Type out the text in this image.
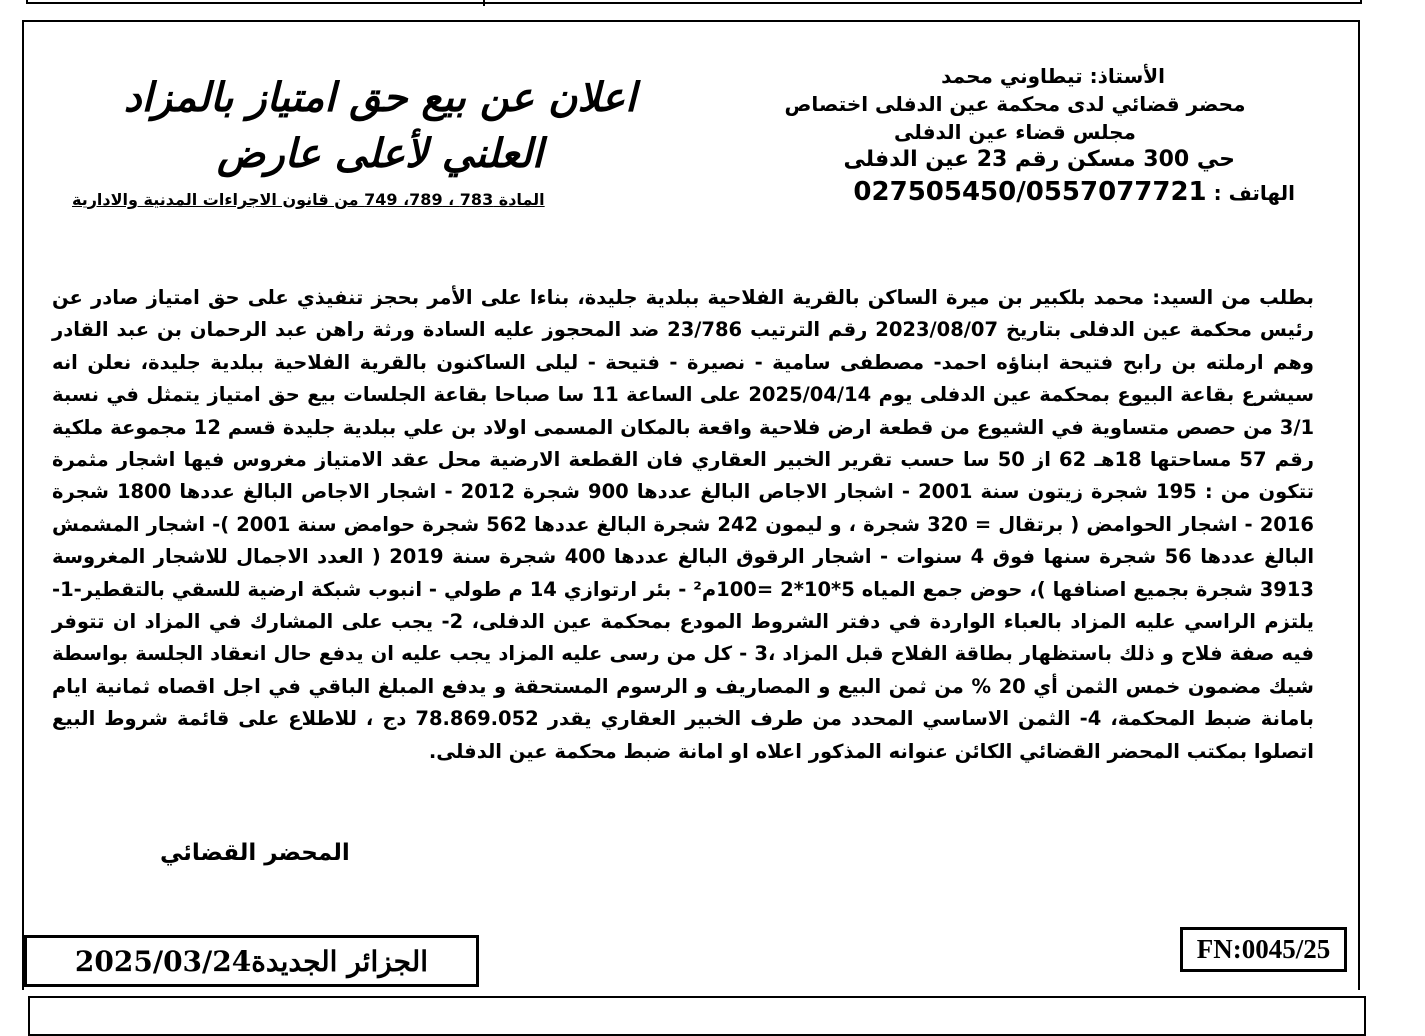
الأستاذ: تيطاوني محمد
محضر قضائي لدى محكمة عين الدفلى اختصاص
مجلس قضاء عين الدفلى
حي 300 مسكن رقم 23 عين الدفلى
الهاتف : 027505450/0557077721
اعلان عن بيع حق امتياز بالمزاد
العلني لأعلى عارض
المادة 783 ، 789، 749 من قانون الاجراءات المدنية والادارية
بطلب من السيد: محمد بلكبير بن ميرة الساكن بالقرية الفلاحية ببلدية جليدة، بناءا على الأمر بحجز تنفيذي على حق امتياز صادر عن رئيس محكمة عين الدفلى بتاريخ 2023/08/07 رقم الترتيب 23/786 ضد المحجوز عليه السادة ورثة راهن عبد الرحمان بن عبد القادر وهم ارملته بن رابح فتيحة ابناؤه احمد- مصطفى سامية - نصيرة - فتيحة - ليلى الساكنون بالقرية الفلاحية ببلدية جليدة، نعلن انه سيشرع بقاعة البيوع بمحكمة عين الدفلى يوم 2025/04/14 على الساعة 11 سا صباحا بقاعة الجلسات بيع حق امتياز يتمثل في نسبة 3/1 من حصص متساوية في الشيوع من قطعة ارض فلاحية واقعة بالمكان المسمى اولاد بن علي ببلدية جليدة قسم 12 مجموعة ملكية رقم 57 مساحتها 18هـ 62 از 50 سا حسب تقرير الخبير العقاري فان القطعة الارضية محل عقد الامتياز مغروس فيها اشجار مثمرة تتكون من : 195 شجرة زيتون سنة 2001 - اشجار الاجاص البالغ عددها 900 شجرة 2012 - اشجار الاجاص البالغ عددها 1800 شجرة 2016 - اشجار الحوامض ( برتقال = 320 شجرة ، و ليمون 242 شجرة البالغ عددها 562 شجرة حوامض سنة 2001 )- اشجار المشمش البالغ عددها 56 شجرة سنها فوق 4 سنوات - اشجار الرقوق البالغ عددها 400 شجرة سنة 2019 ( العدد الاجمال للاشجار المغروسة 3913 شجرة بجميع اصنافها )، حوض جمع المياه 5*10*2 =100م² - بئر ارتوازي 14 م طولي - انبوب شبكة ارضية للسقي بالتقطير-1- يلتزم الراسي عليه المزاد بالعباء الواردة في دفتر الشروط المودع بمحكمة عين الدفلى، 2- يجب على المشارك في المزاد ان تتوفر فيه صفة فلاح و ذلك باستظهار بطاقة الفلاح قبل المزاد ،3 - كل من رسى عليه المزاد يجب عليه ان يدفع حال انعقاد الجلسة بواسطة شيك مضمون خمس الثمن أي 20 % من ثمن البيع و المصاريف و الرسوم المستحقة و يدفع المبلغ الباقي في اجل اقصاه ثمانية ايام بامانة ضبط المحكمة، 4- الثمن الاساسي المحدد من طرف الخبير العقاري يقدر 78.869.052 دج ، للاطلاع على قائمة شروط البيع اتصلوا بمكتب المحضر القضائي الكائن عنوانه المذكور اعلاه او امانة ضبط محكمة عين الدفلى.
المحضر القضائي
الجزائر الجديدة2025/03/24	FN:0045/25
